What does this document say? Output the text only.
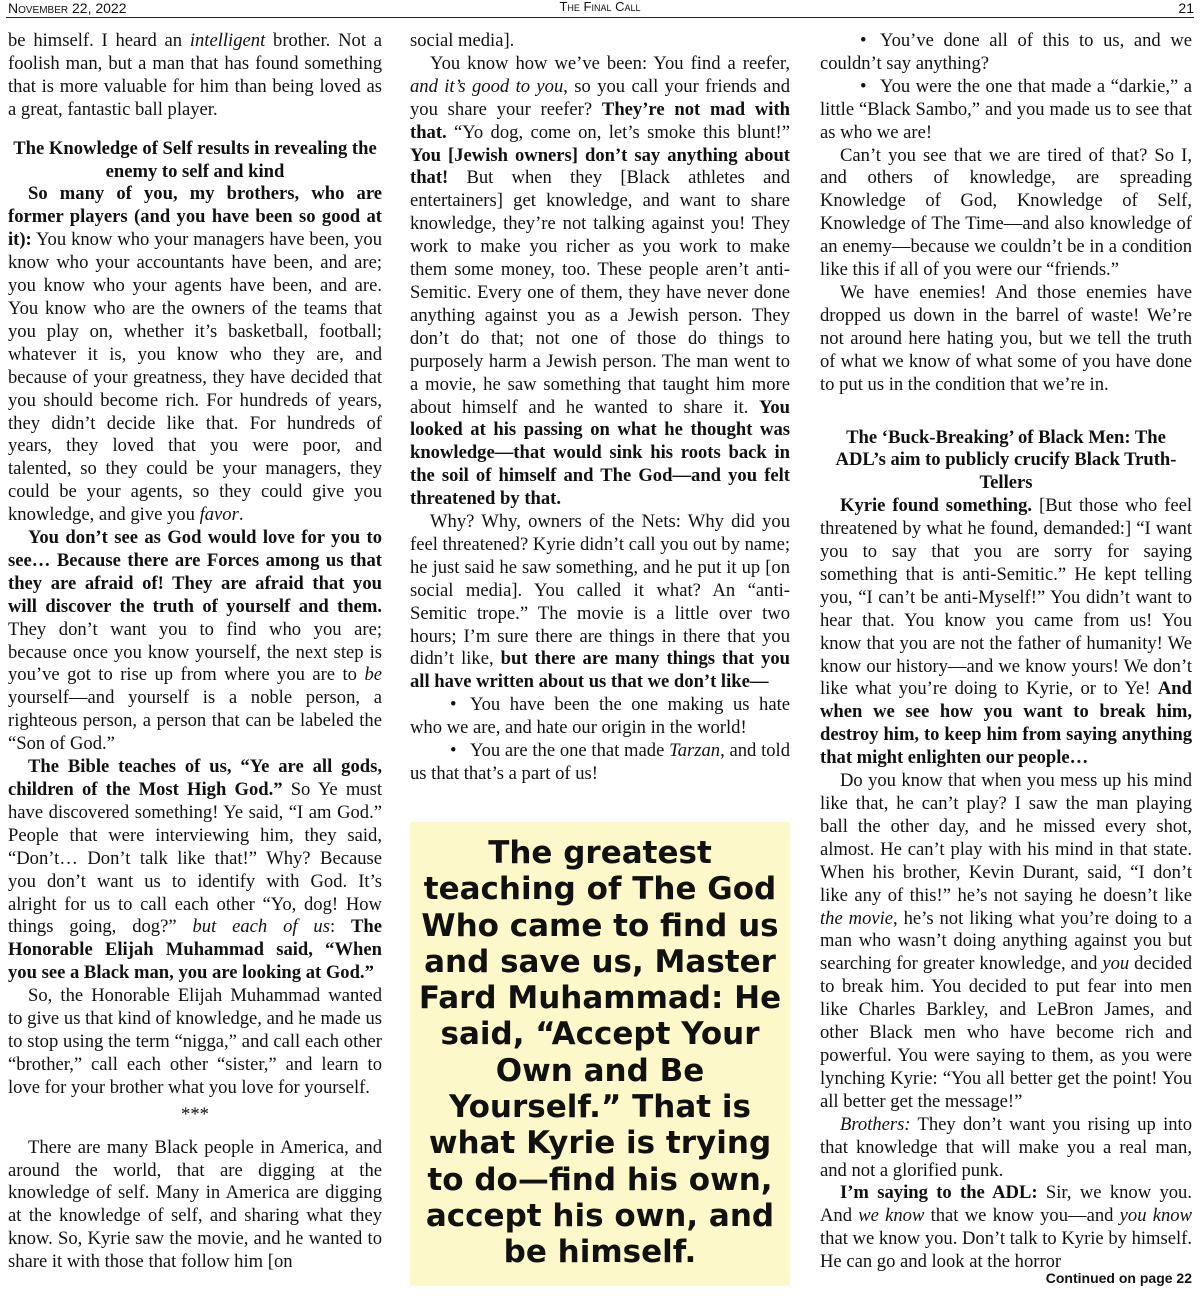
November 22, 2022	The Final Call	21

be himself. I heard an intelligent brother. Not a foolish man, but a man that has found something that is more valuable for him than being loved as a great, fantastic ball player.

The Knowledge of Self results in revealing the enemy to self and kind

So many of you, my brothers, who are former players (and you have been so good at it): You know who your managers have been, you know who your accountants have been, and are; you know who your agents have been, and are. You know who are the owners of the teams that you play on, whether it’s basketball, football; whatever it is, you know who they are, and because of your greatness, they have decided that you should become rich. For hundreds of years, they didn’t decide like that. For hundreds of years, they loved that you were poor, and talented, so they could be your managers, they could be your agents, so they could give you knowledge, and give you favor.

You don’t see as God would love for you to see… Because there are Forces among us that they are afraid of! They are afraid that you will discover the truth of yourself and them. They don’t want you to find who you are; because once you know yourself, the next step is you’ve got to rise up from where you are to be yourself—and yourself is a noble person, a righteous person, a person that can be labeled the “Son of God.”

The Bible teaches of us, “Ye are all gods, children of the Most High God.” So Ye must have discovered something! Ye said, “I am God.” People that were interviewing him, they said, “Don’t… Don’t talk like that!” Why? Because you don’t want us to identify with God. It’s alright for us to call each other “Yo, dog! How things going, dog?” but each of us: The Honorable Elijah Muhammad said, “When you see a Black man, you are looking at God.”

So, the Honorable Elijah Muhammad wanted to give us that kind of knowledge, and he made us to stop using the term “nigga,” and call each other “brother,” call each other “sister,” and learn to love for your brother what you love for yourself.

***

There are many Black people in America, and around the world, that are digging at the knowledge of self. Many in America are digging at the knowledge of self, and sharing what they know. So, Kyrie saw the movie, and he wanted to share it with those that follow him [on

social media].

You know how we’ve been: You find a reefer, and it’s good to you, so you call your friends and you share your reefer? They’re not mad with that. “Yo dog, come on, let’s smoke this blunt!” You [Jewish owners] don’t say anything about that! But when they [Black athletes and entertainers] get knowledge, and want to share knowledge, they’re not talking against you! They work to make you richer as you work to make them some money, too. These people aren’t anti-Semitic. Every one of them, they have never done anything against you as a Jewish person. They don’t do that; not one of those do things to purposely harm a Jewish person. The man went to a movie, he saw something that taught him more about himself and he wanted to share it. You looked at his passing on what he thought was knowledge—that would sink his roots back in the soil of himself and The God—and you felt threatened by that.

Why? Why, owners of the Nets: Why did you feel threatened? Kyrie didn’t call you out by name; he just said he saw something, and he put it up [on social media]. You called it what? An “anti-Semitic trope.” The movie is a little over two hours; I’m sure there are things in there that you didn’t like, but there are many things that you all have written about us that we don’t like—

• You have been the one making us hate who we are, and hate our origin in the world!

• You are the one that made Tarzan, and told us that that’s a part of us!

The greatest teaching of The God Who came to find us and save us, Master Fard Muhammad: He said, “Accept Your Own and Be Yourself.” That is what Kyrie is trying to do—find his own, accept his own, and be himself.

• You’ve done all of this to us, and we couldn’t say anything?

• You were the one that made a “darkie,” a little “Black Sambo,” and you made us to see that as who we are!

Can’t you see that we are tired of that? So I, and others of knowledge, are spreading Knowledge of God, Knowledge of Self, Knowledge of The Time—and also knowledge of an enemy—because we couldn’t be in a condition like this if all of you were our “friends.”

We have enemies! And those enemies have dropped us down in the barrel of waste! We’re not around here hating you, but we tell the truth of what we know of what some of you have done to put us in the condition that we’re in.

The ‘Buck-Breaking’ of Black Men: The ADL’s aim to publicly crucify Black Truth-Tellers

Kyrie found something. [But those who feel threatened by what he found, demanded:] “I want you to say that you are sorry for saying something that is anti-Semitic.” He kept telling you, “I can’t be anti-Myself!” You didn’t want to hear that. You know you came from us! You know that you are not the father of humanity! We know our history—and we know yours! We don’t like what you’re doing to Kyrie, or to Ye! And when we see how you want to break him, destroy him, to keep him from saying anything that might enlighten our people…

Do you know that when you mess up his mind like that, he can’t play? I saw the man playing ball the other day, and he missed every shot, almost. He can’t play with his mind in that state. When his brother, Kevin Durant, said, “I don’t like any of this!” he’s not saying he doesn’t like the movie, he’s not liking what you’re doing to a man who wasn’t doing anything against you but searching for greater knowledge, and you decided to break him. You decided to put fear into men like Charles Barkley, and LeBron James, and other Black men who have become rich and powerful. You were saying to them, as you were lynching Kyrie: “You all better get the point! You all better get the message!”

Brothers: They don’t want you rising up into that knowledge that will make you a real man, and not a glorified punk.

I’m saying to the ADL: Sir, we know you. And we know that we know you—and you know that we know you. Don’t talk to Kyrie by himself. He can go and look at the horror

Continued on page 22
